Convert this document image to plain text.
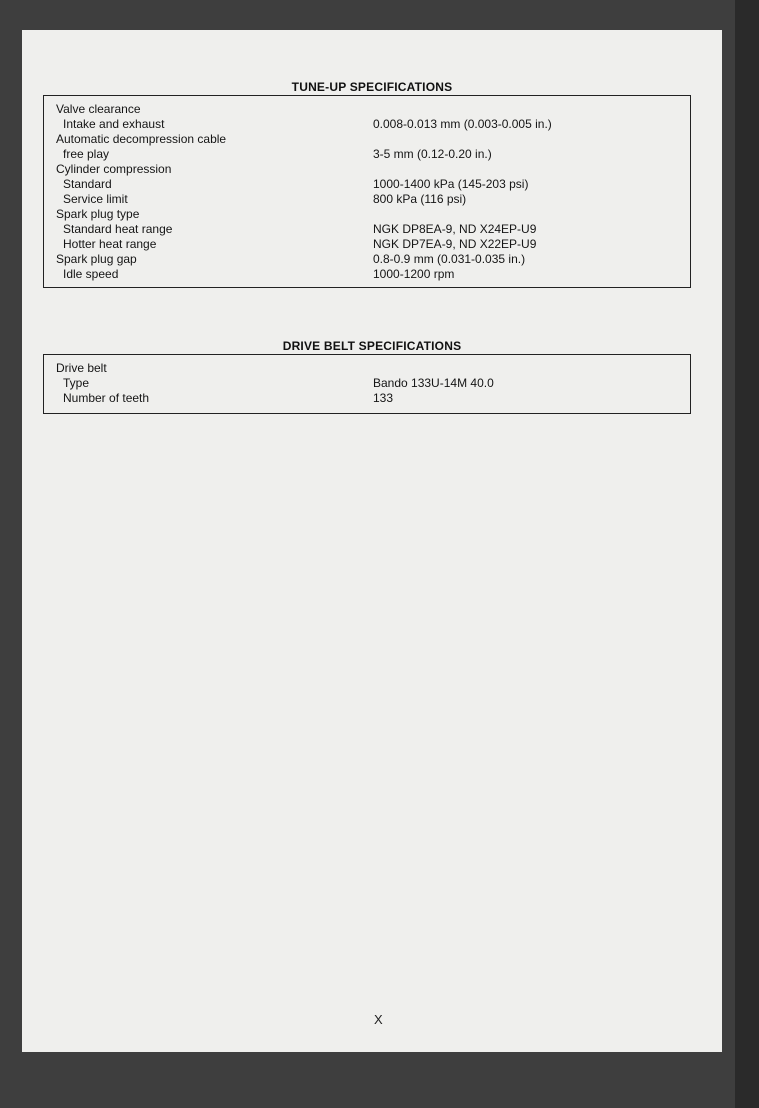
TUNE-UP SPECIFICATIONS
Valve clearance
Intake and exhaust	0.008-0.013 mm (0.003-0.005 in.)
Automatic decompression cable
free play	3-5 mm (0.12-0.20 in.)
Cylinder compression
Standard	1000-1400 kPa (145-203 psi)
Service limit	800 kPa (116 psi)
Spark plug type
Standard heat range	NGK DP8EA-9, ND X24EP-U9
Hotter heat range	NGK DP7EA-9, ND X22EP-U9
Spark plug gap	0.8-0.9 mm (0.031-0.035 in.)
Idle speed	1000-1200 rpm
DRIVE BELT SPECIFICATIONS
Drive belt
Type	Bando 133U-14M 40.0
Number of teeth	133
X
